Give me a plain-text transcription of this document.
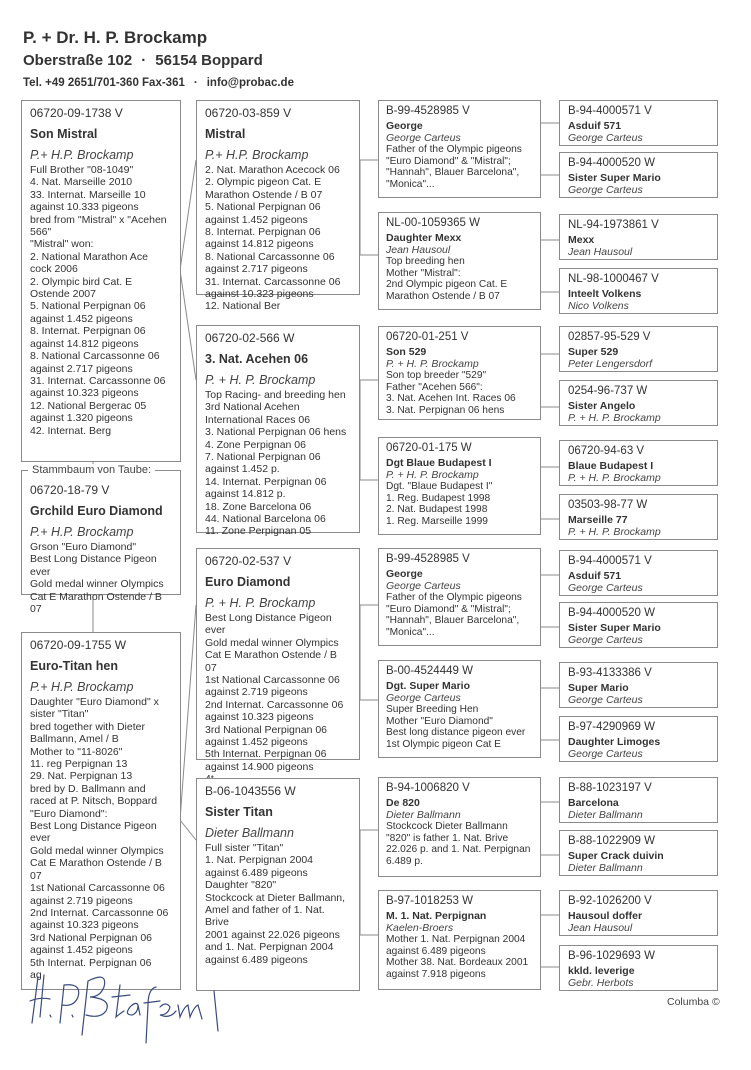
P. + Dr. H. P. Brockamp
Oberstraße 102 · 56154 Boppard
Tel. +49 2651/701-360 Fax-361 · info@probac.de
06720-09-1738 V
Son Mistral
P.+ H.P. Brockamp
Full Brother "08-1049"
4. Nat. Marseille 2010
33. Internat. Marseille 10
against 10.333 pigeons
bred from "Mistral" x "Acehen 566"
"Mistral" won:
2. National Marathon Ace cock 2006
2. Olympic bird Cat. E Ostende 2007
5. National Perpignan 06
against 1.452 pigeons
8. Internat. Perpignan 06
against 14.812 pigeons
8. National Carcassonne 06
against 2.717 pigeons
31. Internat. Carcassonne 06
against 10.323 pigeons
12. National Bergerac 05
against 1.320 pigeons
42. Internat. Berg
06720-18-79 V
Grchild Euro Diamond
P.+ H.P. Brockamp
Grson "Euro Diamond"
Best Long Distance Pigeon ever
Gold medal winner Olympics
Cat E Marathon Ostende / B 07
Stammbaum von Taube:
06720-09-1755 W
Euro-Titan hen
P.+ H.P. Brockamp
Daughter "Euro Diamond" x sister "Titan"
bred together with Dieter Ballmann, Amel / B
Mother to "11-8026"
11. reg Perpignan 13
29. Nat. Perpignan 13
bred by D. Ballmann and raced at P. Nitsch, Boppard
"Euro Diamond":
Best Long Distance Pigeon ever
Gold medal winner Olympics
Cat E Marathon Ostende / B 07
1st National Carcassonne 06
against 2.719 pigeons
2nd Internat. Carcassonne 06
against 10.323 pigeons
3rd National Perpignan 06
against 1.452 pigeons
5th Internat. Perpignan 06
ag
06720-03-859 V
Mistral
P.+ H.P. Brockamp
2. Nat. Marathon Acecock 06
2. Olympic pigeon Cat. E
Marathon Ostende / B 07
5. National Perpignan 06
against 1.452 pigeons
8. Internat. Perpignan 06
against 14.812 pigeons
8. National Carcassonne 06
against 2.717 pigeons
31. Internat. Carcassonne 06
against 10.323 pigeons
12. National Ber
06720-02-566 W
3. Nat. Acehen 06
P. + H. P. Brockamp
Top Racing- and breeding hen
3rd National Acehen
International Races 06
3. National Perpignan 06 hens
4. Zone Perpignan 06
7. National Perpignan 06
against 1.452 p.
14. Internat. Perpignan 06
against 14.812 p.
18. Zone Barcelona 06
44. National Barcelona 06
11. Zone Perpignan 05
06720-02-537 V
Euro Diamond
P. + H. P. Brockamp
Best Long Distance Pigeon ever
Gold medal winner Olympics
Cat E Marathon Ostende / B 07
1st National Carcassonne 06
against 2.719 pigeons
2nd Internat. Carcassonne 06
against 10.323 pigeons
3rd National Perpignan 06
against 1.452 pigeons
5th Internat. Perpignan 06
against 14.900 pigeons
B-06-1043556 W
Sister Titan
Dieter Ballmann
Full sister "Titan"
1. Nat. Perpignan 2004
against 6.489 pigeons
Daughter "820"
Stockcock at Dieter Ballmann,
Amel and father of 1. Nat. Brive
2001 against 22.026 pigeons
and 1. Nat. Perpignan 2004
against 6.489 pigeons
B-99-4528985 V
George
George Carteus
Father of the Olympic pigeons
"Euro Diamond" & "Mistral";
"Hannah", Blauer Barcelona",
"Monica"...
NL-00-1059365 W
Daughter Mexx
Jean Hausoul
Top breeding hen
Mother "Mistral":
2nd Olympic pigeon Cat. E
Marathon Ostende / B 07
06720-01-251 V
Son 529
P. + H. P. Brockamp
Son top breeder "529"
Father "Acehen 566":
3. Nat. Acehen Int. Races 06
3. Nat. Perpignan 06 hens
06720-01-175 W
Dgt Blaue Budapest I
P. + H. P. Brockamp
Dgt. "Blaue Budapest I"
1. Reg. Budapest 1998
2. Nat. Budapest 1998
1. Reg. Marseille 1999
B-99-4528985 V
George
George Carteus
Father of the Olympic pigeons
"Euro Diamond" & "Mistral";
"Hannah", Blauer Barcelona",
"Monica"...
B-00-4524449 W
Dgt. Super Mario
George Carteus
Super Breeding Hen
Mother "Euro Diamond"
Best long distance pigeon ever
1st Olympic pigeon Cat E
B-94-1006820 V
De 820
Dieter Ballmann
Stockcock Dieter Ballmann
"820" is father 1. Nat. Brive
22.026 p. and 1. Nat. Perpignan
6.489 p.
B-97-1018253 W
M. 1. Nat. Perpignan
Kaelen-Broers
Mother 1. Nat. Perpignan 2004
against 6.489 pigeons
Mother 38. Nat. Bordeaux 2001
against 7.918 pigeons
B-94-4000571 V
Asduif 571
George Carteus
B-94-4000520 W
Sister Super Mario
George Carteus
NL-94-1973861 V
Mexx
Jean Hausoul
NL-98-1000467 V
Inteelt Volkens
Nico Volkens
02857-95-529 V
Super 529
Peter Lengersdorf
0254-96-737 W
Sister Angelo
P. + H. P. Brockamp
06720-94-63 V
Blaue Budapest I
P. + H. P. Brockamp
03503-98-77 W
Marseille 77
P. + H. P. Brockamp
B-94-4000571 V
Asduif 571
George Carteus
B-94-4000520 W
Sister Super Mario
George Carteus
B-93-4133386 V
Super Mario
George Carteus
B-97-4290969 W
Daughter Limoges
George Carteus
B-88-1023197 V
Barcelona
Dieter Ballmann
B-88-1022909 W
Super Crack duivin
Dieter Ballmann
B-92-1026200 V
Hausoul doffer
Jean Hausoul
B-96-1029693 W
kkld. leverige
Gebr. Herbots
Columba ©
